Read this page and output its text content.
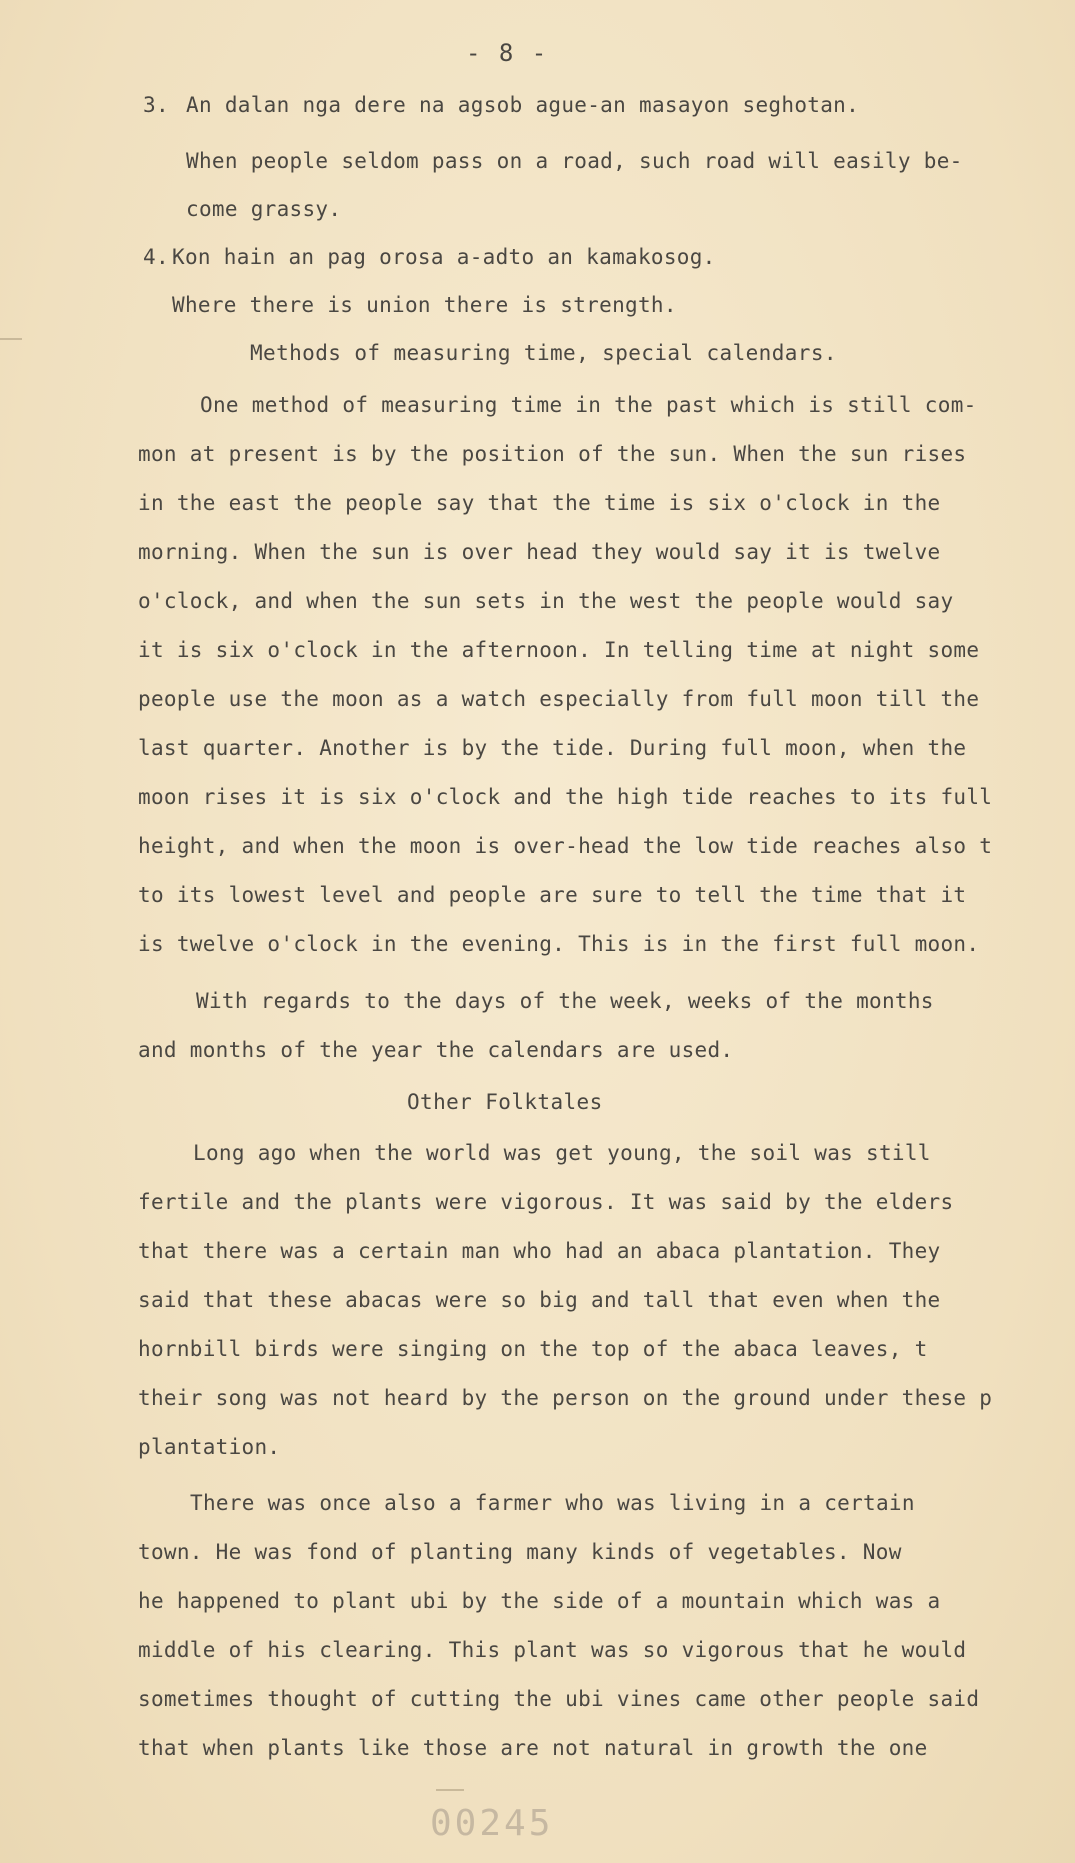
- 8 -
3. An dalan nga dere na agsob ague-an masayon seghotan.
When people seldom pass on a road, such road will easily be-
come grassy.
4. Kon hain an pag orosa a-adto an kamakosog.
Where there is union there is strength.
Methods of measuring time, special calendars.
One method of measuring time in the past which is still com-
mon at present is by the position of the sun. When the sun rises
in the east the people say that the time is six o'clock in the
morning. When the sun is over head they would say it is twelve
o'clock, and when the sun sets in the west the people would say
it is six o'clock in the afternoon. In telling time at night some
people use the moon as a watch especially from full moon till the
last quarter. Another is by the tide. During full moon, when the
moon rises it is six o'clock and the high tide reaches to its full
height, and when the moon is over-head the low tide reaches also t
to its lowest level and people are sure to tell the time that it
is twelve o'clock in the evening. This is in the first full moon.
With regards to the days of the week, weeks of the months
and months of the year the calendars are used.
Other Folktales
Long ago when the world was get young, the soil was still
fertile and the plants were vigorous. It was said by the elders
that there was a certain man who had an abaca plantation. They
said that these abacas were so big and tall that even when the
hornbill birds were singing on the top of the abaca leaves, t
their song was not heard by the person on the ground under these p
plantation.
There was once also a farmer who was living in a certain
town. He was fond of planting many kinds of vegetables. Now
he happened to plant ubi by the side of a mountain which was a
middle of his clearing. This plant was so vigorous that he would
sometimes thought of cutting the ubi vines came other people said
that when plants like those are not natural in growth the one
00245
